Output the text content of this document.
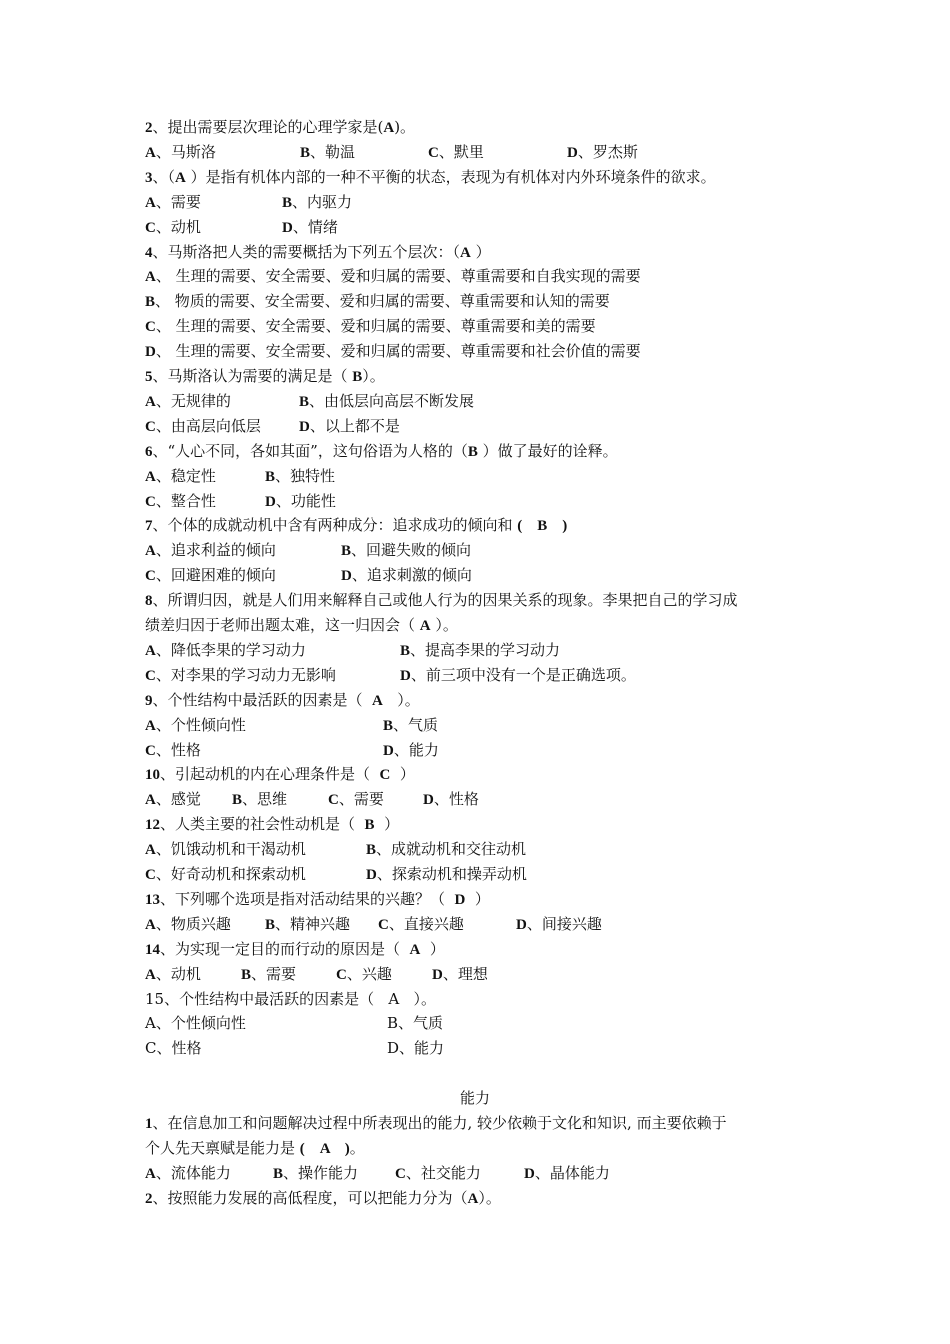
2、提出需要层次理论的心理学家是(A)。
A、马斯洛	B、勒温	C、默里	D、罗杰斯
3、（A ）是指有机体内部的一种不平衡的状态，表现为有机体对内外环境条件的欲求。
A、需要	B、内驱力
C、动机	D、情绪
4、马斯洛把人类的需要概括为下列五个层次：（A ）
A、 生理的需要、安全需要、爱和归属的需要、尊重需要和自我实现的需要
B、 物质的需要、安全需要、爱和归属的需要、尊重需要和认知的需要
C、 生理的需要、安全需要、爱和归属的需要、尊重需要和美的需要
D、 生理的需要、安全需要、爱和归属的需要、尊重需要和社会价值的需要
5、马斯洛认为需要的满足是（ B）。
A、无规律的	B、由低层向高层不断发展
C、由高层向低层	D、以上都不是
6、“人心不同，各如其面”，这句俗语为人格的（B ）做了最好的诠释。
A、稳定性	B、独特性
C、整合性	D、功能性
7、个体的成就动机中含有两种成分：追求成功的倾向和 (    B    )
A、追求利益的倾向	B、回避失败的倾向
C、回避困难的倾向	D、追求刺激的倾向
8、所谓归因，就是人们用来解释自己或他人行为的因果关系的现象。李果把自己的学习成
绩差归因于老师出题太难，这一归因会（ A ）。
A、降低李果的学习动力	B、提高李果的学习动力
C、对李果的学习动力无影响	D、前三项中没有一个是正确选项。
9、个性结构中最活跃的因素是（  A   ）。
A、个性倾向性	B、气质
C、性格	D、能力
10、引起动机的内在心理条件是（  C  ）
A、感觉 B、思维	C、需要	D、性格
12、人类主要的社会性动机是（  B  ）
A、饥饿动机和干渴动机	B、成就动机和交往动机
C、好奇动机和探索动机	D、探索动机和操弄动机
13、下列哪个选项是指对活动结果的兴趣？（  D  ）
A、物质兴趣 B、精神兴趣 C、直接兴趣	D、间接兴趣
14、为实现一定目的而行动的原因是（  A  ）
A、动机	B、需要	C、兴趣	D、理想
15、个性结构中最活跃的因素是（   A   ）。
A、个性倾向性	B、气质
C、性格	D、能力
能力
1、在信息加工和问题解决过程中所表现出的能力, 较少依赖于文化和知识, 而主要依赖于
个人先天禀赋是能力是 (    A    )。
A、流体能力	B、操作能力 C、社交能力	D、晶体能力
2、按照能力发展的高低程度，可以把能力分为（A）。
